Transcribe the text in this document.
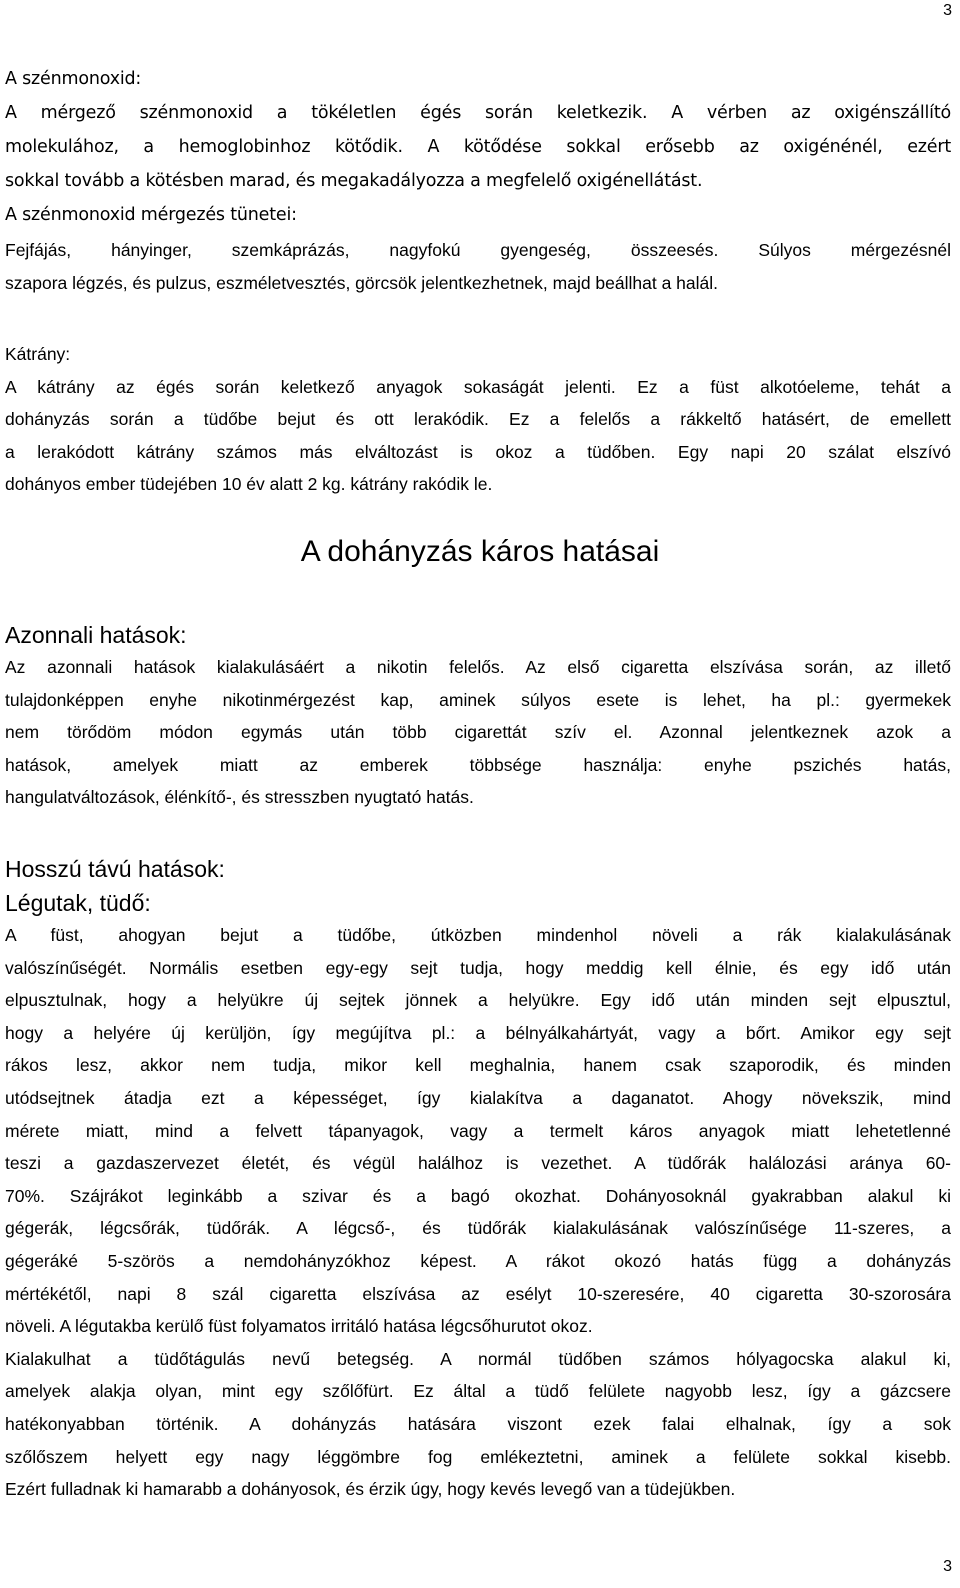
3
A szénmonoxid:
A mérgező szénmonoxid a tökéletlen égés során keletkezik. A vérben az oxigénszállító
molekulához, a hemoglobinhoz kötődik. A kötődése sokkal erősebb az oxigénénél, ezért
sokkal tovább a kötésben marad, és megakadályozza a megfelelő oxigénellátást.
A szénmonoxid mérgezés tünetei:
Fejfájás, hányinger, szemkáprázás, nagyfokú gyengeség, összeesés. Súlyos mérgezésnél
szapora légzés, és pulzus, eszméletvesztés, görcsök jelentkezhetnek, majd beállhat a halál.
Kátrány:
A kátrány az égés során keletkező anyagok sokaságát jelenti. Ez a füst alkotóeleme, tehát a
dohányzás során a tüdőbe bejut és ott lerakódik. Ez a felelős a rákkeltő hatásért, de emellett
a lerakódott kátrány számos más elváltozást is okoz a tüdőben. Egy napi 20 szálat elszívó
dohányos ember tüdejében 10 év alatt 2 kg. kátrány rakódik le.
A dohányzás káros hatásai
Azonnali hatások:
Az azonnali hatások kialakulásáért a nikotin felelős. Az első cigaretta elszívása során, az illető
tulajdonképpen enyhe nikotinmérgezést kap, aminek súlyos esete is lehet, ha pl.: gyermekek
nem törődöm módon egymás után több cigarettát szív el. Azonnal jelentkeznek azok a
hatások, amelyek miatt az emberek többsége használja: enyhe pszichés hatás,
hangulatváltozások, élénkítő-, és stresszben nyugtató hatás.
Hosszú távú hatások:
Légutak, tüdő:
A füst, ahogyan bejut a tüdőbe, útközben mindenhol növeli a rák kialakulásának
valószínűségét. Normális esetben egy-egy sejt tudja, hogy meddig kell élnie, és egy idő után
elpusztulnak, hogy a helyükre új sejtek jönnek a helyükre. Egy idő után minden sejt elpusztul,
hogy a helyére új kerüljön, így megújítva pl.: a bélnyálkahártyát, vagy a bőrt. Amikor egy sejt
rákos lesz, akkor nem tudja, mikor kell meghalnia, hanem csak szaporodik, és minden
utódsejtnek átadja ezt a képességet, így kialakítva a daganatot. Ahogy növekszik, mind
mérete miatt, mind a felvett tápanyagok, vagy a termelt káros anyagok miatt lehetetlenné
teszi a gazdaszervezet életét, és végül halálhoz is vezethet. A tüdőrák halálozási aránya 60-
70%. Szájrákot leginkább a szivar és a bagó okozhat. Dohányosoknál gyakrabban alakul ki
gégerák, légcsőrák, tüdőrák. A légcső-, és tüdőrák kialakulásának valószínűsége 11-szeres, a
gégeráké 5-szörös a nemdohányzókhoz képest. A rákot okozó hatás függ a dohányzás
mértékétől, napi 8 szál cigaretta elszívása az esélyt 10-szeresére, 40 cigaretta 30-szorosára
növeli. A légutakba kerülő füst folyamatos irritáló hatása légcsőhurutot okoz.
Kialakulhat a tüdőtágulás nevű betegség. A normál tüdőben számos hólyagocska alakul ki,
amelyek alakja olyan, mint egy szőlőfürt. Ez által a tüdő felülete nagyobb lesz, így a gázcsere
hatékonyabban történik. A dohányzás hatására viszont ezek falai elhalnak, így a sok
szőlőszem helyett egy nagy léggömbre fog emlékeztetni, aminek a felülete sokkal kisebb.
Ezért fulladnak ki hamarabb a dohányosok, és érzik úgy, hogy kevés levegő van a tüdejükben.
3
